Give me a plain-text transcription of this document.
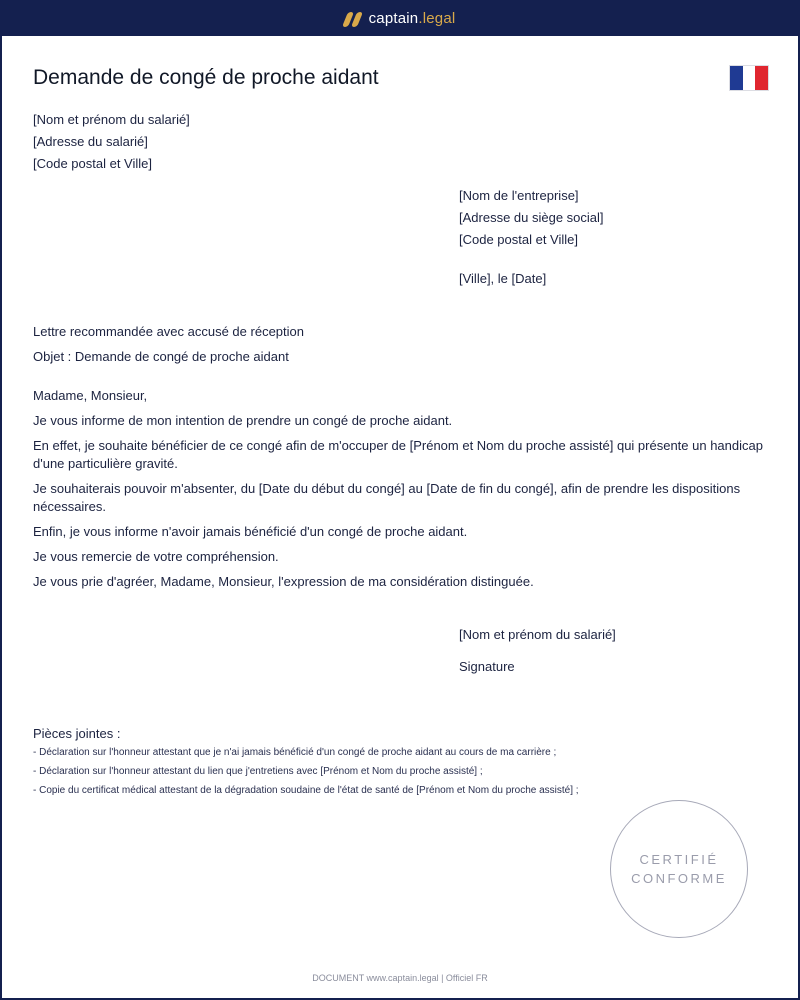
captain.legal
Demande de congé de proche aidant
[Nom et prénom du salarié]
[Adresse du salarié]
[Code postal et Ville]
[Nom de l'entreprise]
[Adresse du siège social]
[Code postal et Ville]
[Ville], le [Date]
Lettre recommandée avec accusé de réception
Objet : Demande de congé de proche aidant
Madame, Monsieur,
Je vous informe de mon intention de prendre un congé de proche aidant.
En effet, je souhaite bénéficier de ce congé afin de m'occuper de [Prénom et Nom du proche assisté] qui présente un handicap d'une particulière gravité.
Je souhaiterais pouvoir m'absenter, du [Date du début du congé] au [Date de fin du congé], afin de prendre les dispositions nécessaires.
Enfin, je vous informe n'avoir jamais bénéficié d'un congé de proche aidant.
Je vous remercie de votre compréhension.
Je vous prie d'agréer, Madame, Monsieur, l'expression de ma considération distinguée.
[Nom et prénom du salarié]
Signature
Pièces jointes :
- Déclaration sur l'honneur attestant que je n'ai jamais bénéficié d'un congé de proche aidant au cours de ma carrière ;
- Déclaration sur l'honneur attestant du lien que j'entretiens avec [Prénom et Nom du proche assisté] ;
- Copie du certificat médical attestant de la dégradation soudaine de l'état de santé de [Prénom et Nom du proche assisté] ;
CERTIFIÉ
CONFORME
DOCUMENT www.captain.legal | Officiel FR
